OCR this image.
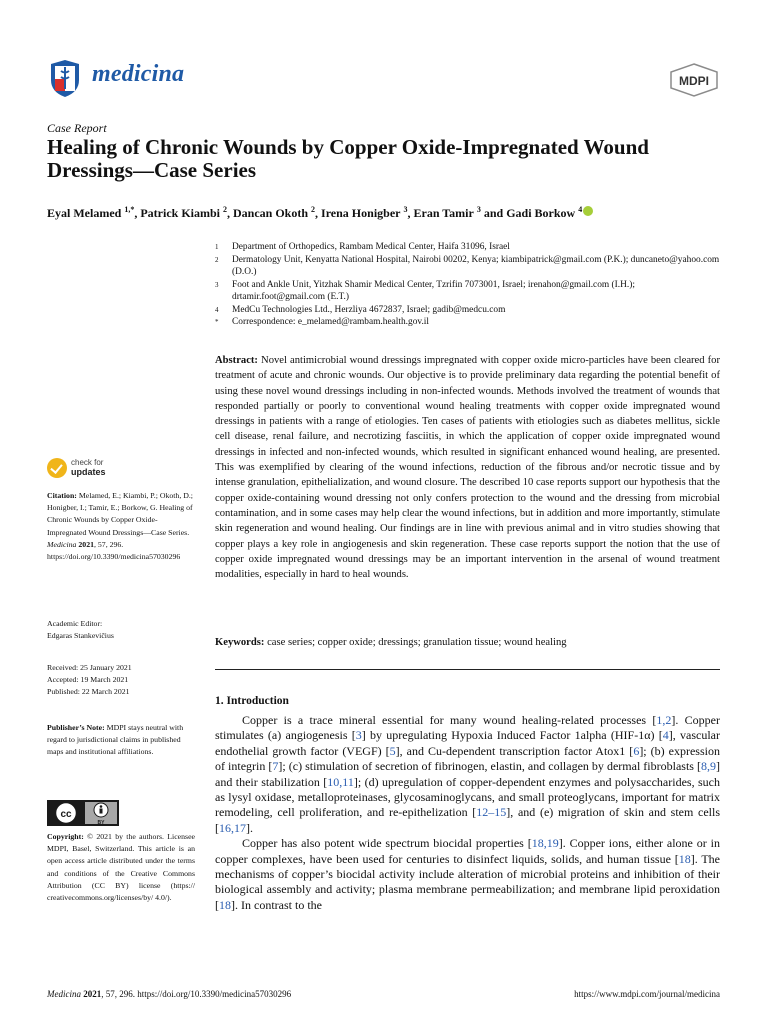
medicina	MDPI
Case Report
Healing of Chronic Wounds by Copper Oxide-Impregnated Wound Dressings—Case Series
Eyal Melamed $^{1,*}$, Patrick Kiambi $^2$, Dancan Okoth $^2$, Irena Honigber $^3$, Eran Tamir $^3$ and Gadi Borkow $^4$
1	Department of Orthopedics, Rambam Medical Center, Haifa 31096, Israel
2	Dermatology Unit, Kenyatta National Hospital, Nairobi 00202, Kenya; kiambipatrick@gmail.com (P.K.); duncaneto@yahoo.com (D.O.)
3	Foot and Ankle Unit, Yitzhak Shamir Medical Center, Tzrifin 7073001, Israel; irenahon@gmail.com (I.H.); drtamir.foot@gmail.com (E.T.)
4	MedCu Technologies Ltd., Herzliya 4672837, Israel; gadib@medcu.com
*	Correspondence: e_melamed@rambam.health.gov.il
check for
updates
Citation: Melamed, E.; Kiambi, P.; Okoth, D.; Honigber, I.; Tamir, E.; Borkow, G. Healing of Chronic Wounds by Copper Oxide-Impregnated Wound Dressings—Case Series. Medicina 2021, 57, 296. https://doi.org/10.3390/medicina57030296
Academic Editor:
Edgaras Stankevičius
Received: 25 January 2021
Accepted: 19 March 2021
Published: 22 March 2021
Publisher’s Note: MDPI stays neutral with regard to jurisdictional claims in published maps and institutional affiliations.
cc
BY
Copyright: © 2021 by the authors. Licensee MDPI, Basel, Switzerland. This article is an open access article distributed under the terms and conditions of the Creative Commons Attribution (CC BY) license (https:// creativecommons.org/licenses/by/ 4.0/).
Abstract: Novel antimicrobial wound dressings impregnated with copper oxide micro-particles have been cleared for treatment of acute and chronic wounds. Our objective is to provide preliminary data regarding the potential benefit of using these novel wound dressings including in non-infected wounds. Methods involved the treatment of wounds that responded partially or poorly to conventional wound healing treatments with copper oxide impregnated wound dressings in patients with a range of etiologies. Ten cases of patients with etiologies such as diabetes mellitus, sickle cell disease, renal failure, and necrotizing fasciitis, in which the application of copper oxide impregnated wound dressings in infected and non-infected wounds, which resulted in significant enhanced wound healing, are presented. This was exemplified by clearing of the wound infections, reduction of the fibrous and/or necrotic tissue and by intense granulation, epithelialization, and wound closure. The described 10 case reports support our hypothesis that the copper oxide-containing wound dressing not only confers protection to the wound and the dressing from microbial contamination, and in some cases may help clear the wound infections, but in addition and more importantly, stimulate skin regeneration and wound healing. Our findings are in line with previous animal and in vitro studies showing that copper plays a key role in angiogenesis and skin regeneration. These case reports support the notion that the use of copper oxide impregnated wound dressings may be an important intervention in the arsenal of wound treatment modalities, especially in hard to heal wounds.
Keywords: case series; copper oxide; dressings; granulation tissue; wound healing
1. Introduction

Copper is a trace mineral essential for many wound healing-related processes [1,2]. Copper stimulates (a) angiogenesis [3] by upregulating Hypoxia Induced Factor 1alpha (HIF-1α) [4], vascular endothelial growth factor (VEGF) [5], and Cu-dependent transcription factor Atox1 [6]; (b) expression of integrin [7]; (c) stimulation of secretion of fibrinogen, elastin, and collagen by dermal fibroblasts [8,9] and their stabilization [10,11]; (d) upregulation of copper-dependent enzymes and polysaccharides, such as lysyl oxidase, metalloproteinases, glycosaminoglycans, and small proteoglycans, important for matrix remodeling, cell proliferation, and re-epithelization [12–15], and (e) migration of skin and stem cells [16,17].

Copper has also potent wide spectrum biocidal properties [18,19]. Copper ions, either alone or in copper complexes, have been used for centuries to disinfect liquids, solids, and human tissue [18]. The mechanisms of copper’s biocidal activity include alteration of microbial proteins and inhibition of their biological assembly and activity; plasma membrane permeabilization; and membrane lipid peroxidation [18]. In contrast to the

Medicina 2021, 57, 296. https://doi.org/10.3390/medicina57030296	https://www.mdpi.com/journal/medicina
